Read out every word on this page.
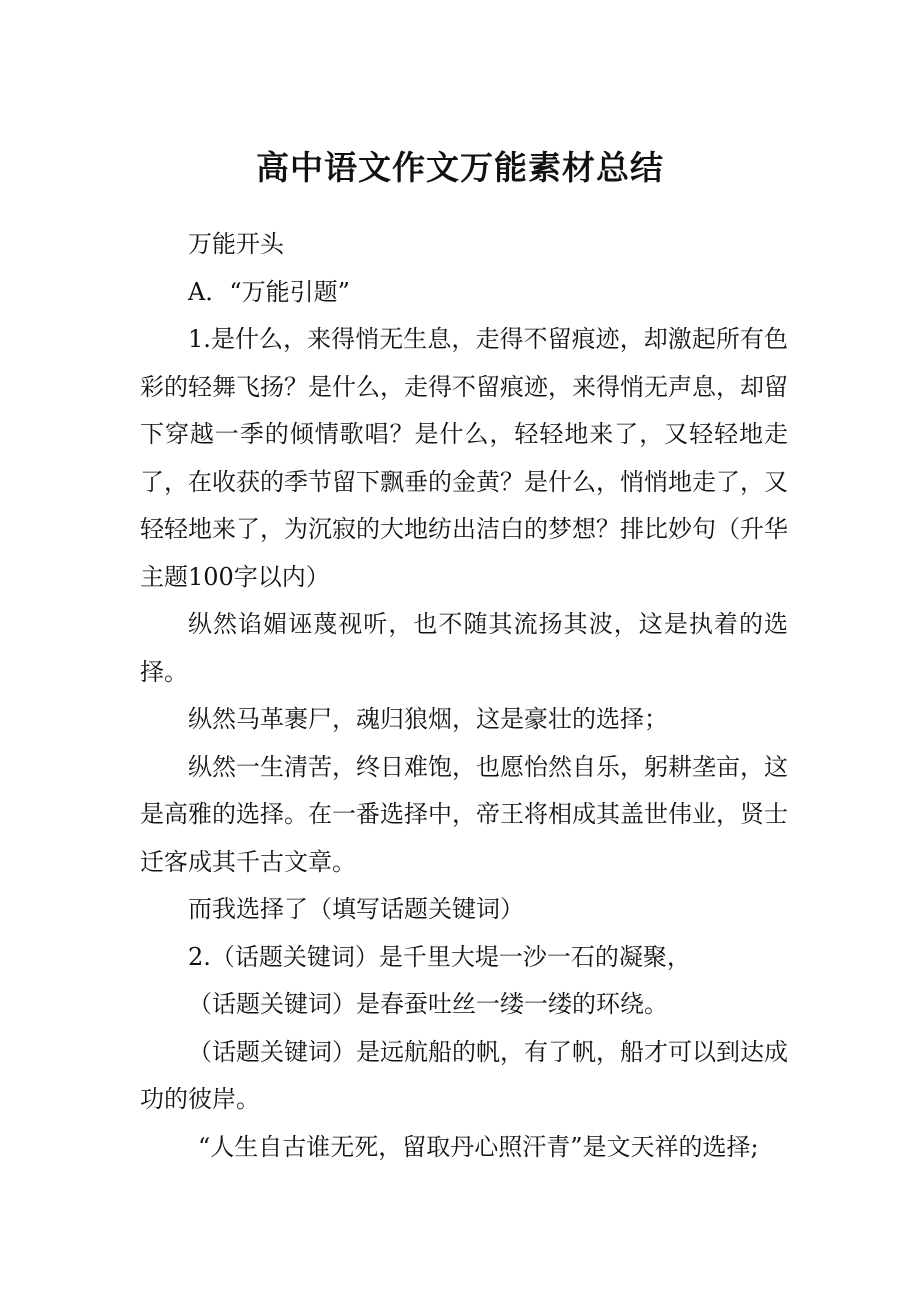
高中语文作文万能素材总结

万能开头

A．“万能引题”

1.是什么，来得悄无生息，走得不留痕迹，却激起所有色彩的轻舞飞扬？是什么，走得不留痕迹，来得悄无声息，却留下穿越一季的倾情歌唱？是什么，轻轻地来了，又轻轻地走了，在收获的季节留下飘垂的金黄？是什么，悄悄地走了，又轻轻地来了，为沉寂的大地纺出洁白的梦想？排比妙句（升华主题100字以内）

纵然谄媚诬蔑视听，也不随其流扬其波，这是执着的选择。

纵然马革裹尸，魂归狼烟，这是豪壮的选择；

纵然一生清苦，终日难饱，也愿怡然自乐，躬耕垄亩，这是高雅的选择。在一番选择中，帝王将相成其盖世伟业，贤士迁客成其千古文章。

而我选择了（填写话题关键词）

2.（话题关键词）是千里大堤一沙一石的凝聚，

（话题关键词）是春蚕吐丝一缕一缕的环绕。

（话题关键词）是远航船的帆，有了帆，船才可以到达成功的彼岸。

“人生自古谁无死，留取丹心照汗青”是文天祥的选择;
